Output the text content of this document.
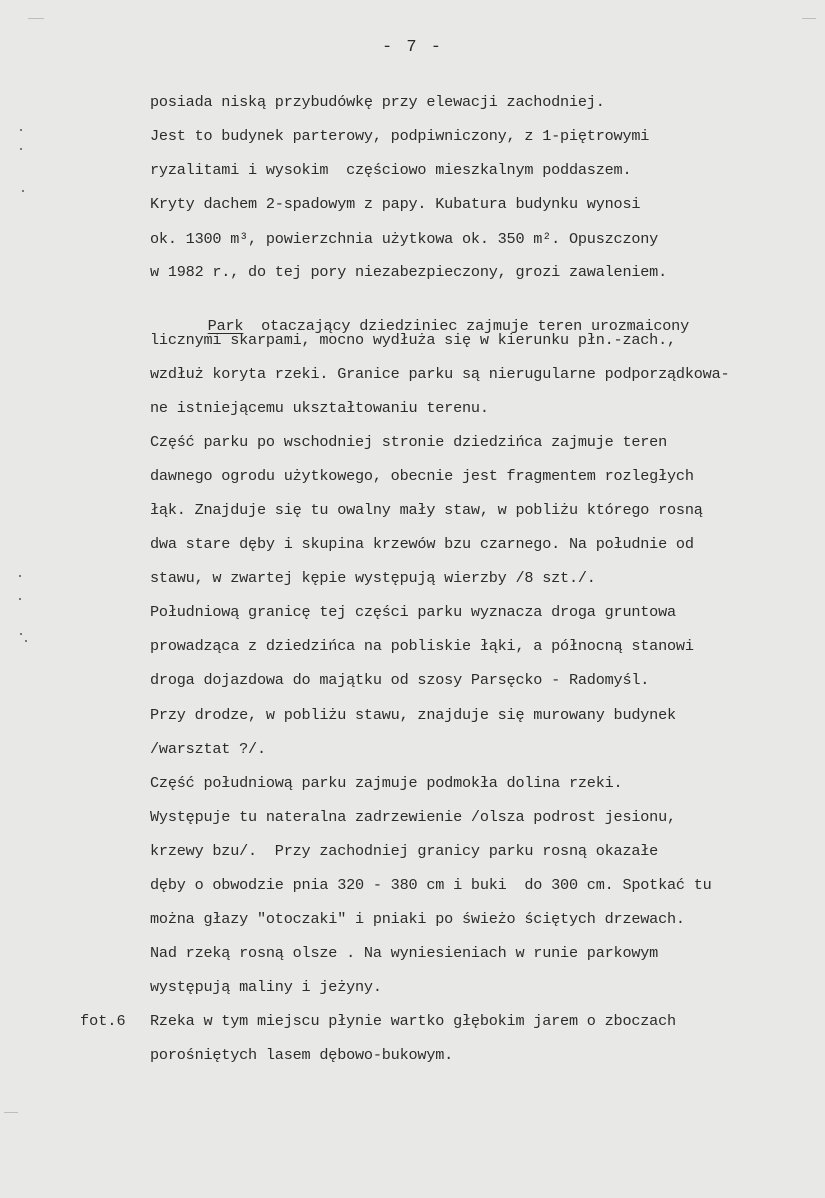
- 7 -
posiada niską przybudówkę przy elewacji zachodniej.
Jest to budynek parterowy, podpiwniczony, z 1-piętrowymi
ryzalitami i wysokim  częściowo mieszkalnym poddaszem.
Kryty dachem 2-spadowym z papy. Kubatura budynku wynosi
ok. 1300 m³, powierzchnia użytkowa ok. 350 m². Opuszczony
w 1982 r., do tej pory niezabezpieczony, grozi zawaleniem.

Park otaczający dziedziniec zajmuje teren urozmaicony

licznymi skarpami, mocno wydłuża się w kierunku płn.-zach.,
wzdłuż koryta rzeki. Granice parku są nierugularne podporządkowa-
ne istniejącemu ukształtowaniu terenu.
Część parku po wschodniej stronie dziedzińca zajmuje teren
dawnego ogrodu użytkowego, obecnie jest fragmentem rozległych
łąk. Znajduje się tu owalny mały staw, w pobliżu którego rosną
dwa stare dęby i skupina krzewów bzu czarnego. Na południe od
stawu, w zwartej kępie występują wierzby /8 szt./.
Południową granicę tej części parku wyznacza droga gruntowa
prowadząca z dziedzińca na pobliskie łąki, a północną stanowi
droga dojazdowa do majątku od szosy Parsęcko - Radomyśl.
Przy drodze, w pobliżu stawu, znajduje się murowany budynek
/warsztat ?/.
Część południową parku zajmuje podmokła dolina rzeki.
Występuje tu nateralna zadrzewienie /olsza podrost jesionu,
krzewy bzu/.  Przy zachodniej granicy parku rosną okazałe
dęby o obwodzie pnia 320 - 380 cm i buki  do 300 cm. Spotkać tu
można głazy "otoczaki" i pniaki po świeżo ściętych drzewach.
Nad rzeką rosną olsze . Na wyniesieniach w runie parkowym
występują maliny i jeżyny.
fot.6 Rzeka w tym miejscu płynie wartko głębokim jarem o zboczach
porośniętych lasem dębowo-bukowym.
